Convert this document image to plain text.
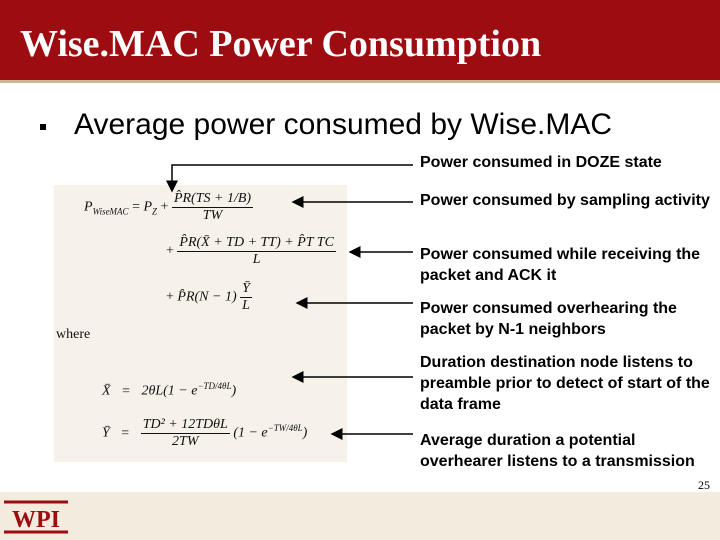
Wise.MAC Power Consumption
Average power consumed by Wise.MAC
$P_{WiseMAC} = P_Z + \frac{P̂R(TS + 1/B)}{TW}$
+ $\frac{\text{P̂R(X̄ + TD + TT) + P̂T TC}}{L}$
+ P̂R(N − $1) \frac{Ȳ}{L}$
where
X̄ = $2\theta L(1 - e^{-TD/4\theta L})$
Ȳ = $\frac{\text{TD² + 12TDθL}}{2TW} (1 - e^{-TW/4\theta L})$
Power consumed in DOZE state
Power consumed by sampling activity
Power consumed while receiving the packet and ACK it
Power consumed overhearing the packet by N-1 neighbors
Duration destination node listens to preamble prior to detect of start of the data frame
Average duration a potential overhearer listens to a transmission
WPI
25
